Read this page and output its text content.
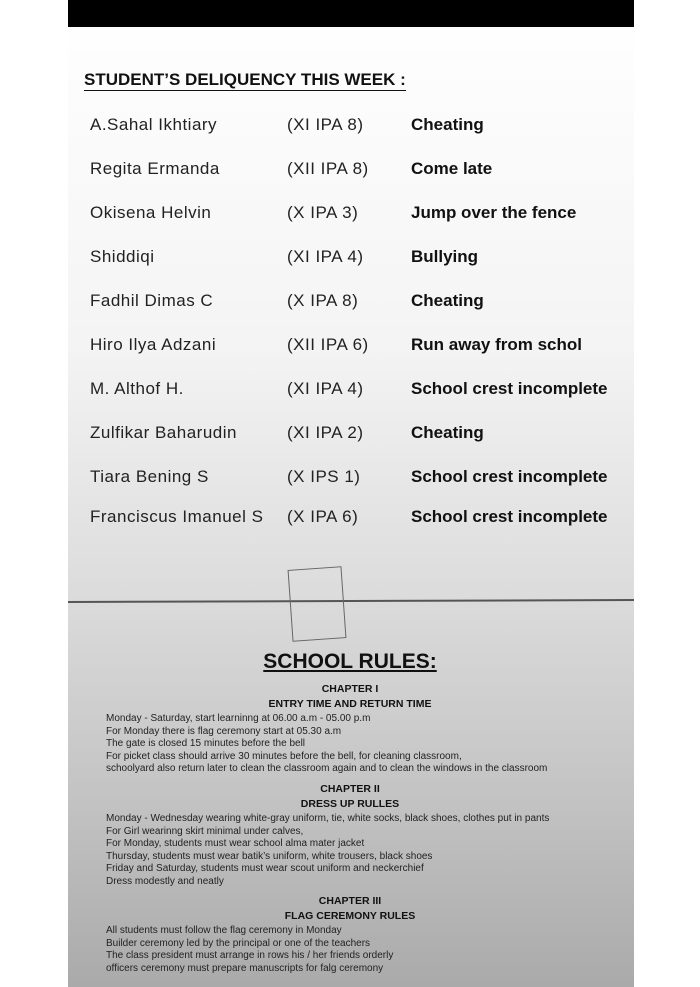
STUDENT’S DELIQUENCY THIS WEEK :
A.Sahal Ikhtiary	(XI IPA 8)	Cheating
Regita Ermanda	(XII IPA 8) Come late
Okisena Helvin	(X IPA 3)	Jump over the fence
Shiddiqi	(XI IPA 4)	Bullying
Fadhil Dimas C	(X IPA 8)	Cheating
Hiro Ilya Adzani	(XII IPA 6) Run away from schol
M. Althof H.	(XI IPA 4)	School crest incomplete
Zulfikar Baharudin	(XI IPA 2)	Cheating
Tiara Bening S	(X IPS 1)	School crest incomplete
Franciscus Imanuel S (X IPA 6)	School crest incomplete
SCHOOL RULES:
CHAPTER I
ENTRY TIME AND RETURN TIME
Monday - Saturday, start learninng at 06.00 a.m - 05.00 p.m
For Monday there is flag ceremony start at 05.30 a.m
The gate is closed 15 minutes before the bell
For picket class should arrive 30 minutes before the bell, for cleaning classroom,
schoolyard also return later to clean the classroom again and to clean the windows in the classroom
CHAPTER II
DRESS UP RULLES
Monday - Wednesday wearing white-gray uniform, tie, white socks, black shoes, clothes put in pants
For Girl wearinng skirt minimal under calves,
For Monday, students must wear school alma mater jacket
Thursday, students must wear batik’s uniform, white trousers, black shoes
Friday and Saturday, students must wear scout uniform and neckerchief
Dress modestly and neatly
CHAPTER III
FLAG CEREMONY RULES
All students must follow the flag ceremony in Monday
Builder ceremony led by the principal or one of the teachers
The class president must arrange in rows his / her friends orderly
officers ceremony must prepare manuscripts for falg ceremony
